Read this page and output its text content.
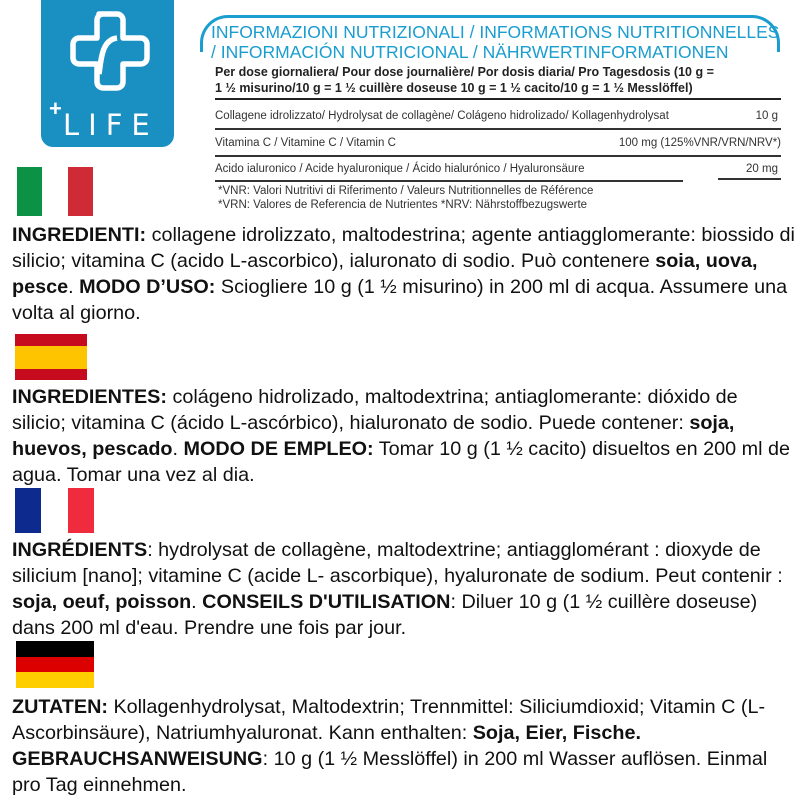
+ LIFE
INFORMAZIONI NUTRIZIONALI / INFORMATIONS NUTRITIONNELLES
/ INFORMACIÓN NUTRICIONAL / NÄHRWERTINFORMATIONEN
Per dose giornaliera/ Pour dose journalière/ Por dosis diaria/ Pro Tagesdosis (10 g =
1 ½ misurino/10 g = 1 ½ cuillère doseuse 10 g = 1 ½ cacito/10 g = 1 ½ Messlöffel)
Collagene idrolizzato/ Hydrolysat de collagène/ Colágeno hidrolizado/ Kollagenhydrolysat	10 g
Vitamina C / Vitamine C / Vitamin C	100 mg (125%VNR/VRN/NRV*)
Acido ialuronico / Acide hyaluronique / Ácido hialurónico / Hyaluronsäure	20 mg
*VNR: Valori Nutritivi di Riferimento / Valeurs Nutritionnelles de Référence
*VRN: Valores de Referencia de Nutrientes *NRV: Nährstoffbezugswerte
INGREDIENTI: collagene idrolizzato, maltodestrina; agente antiagglomerante: biossido di silicio; vitamina C (acido L-ascorbico), ialuronato di sodio. Può contenere soia, uova, pesce. MODO D’USO: Sciogliere 10 g (1 ½ misurino) in 200 ml di acqua. Assumere una volta al giorno.
INGREDIENTES: colágeno hidrolizado, maltodextrina; antiaglomerante: dióxido de silicio; vitamina C (ácido L-ascórbico), hialuronato de sodio. Puede contener: soja, huevos, pescado. MODO DE EMPLEO: Tomar 10 g (1 ½ cacito) disueltos en 200 ml de agua. Tomar una vez al dia.
INGRÉDIENTS: hydrolysat de collagène, maltodextrine; antiagglomérant : dioxyde de silicium [nano]; vitamine C (acide L- ascorbique), hyaluronate de sodium. Peut contenir : soja, oeuf, poisson. CONSEILS D'UTILISATION: Diluer 10 g (1 ½ cuillère doseuse) dans 200 ml d'eau. Prendre une fois par jour.
ZUTATEN: Kollagenhydrolysat, Maltodextrin; Trennmittel: Siliciumdioxid; Vitamin C (L-Ascorbinsäure), Natriumhyaluronat. Kann enthalten: Soja, Eier, Fische. GEBRAUCHSANWEISUNG: 10 g (1 ½ Messlöffel) in 200 ml Wasser auflösen. Einmal pro Tag einnehmen.
